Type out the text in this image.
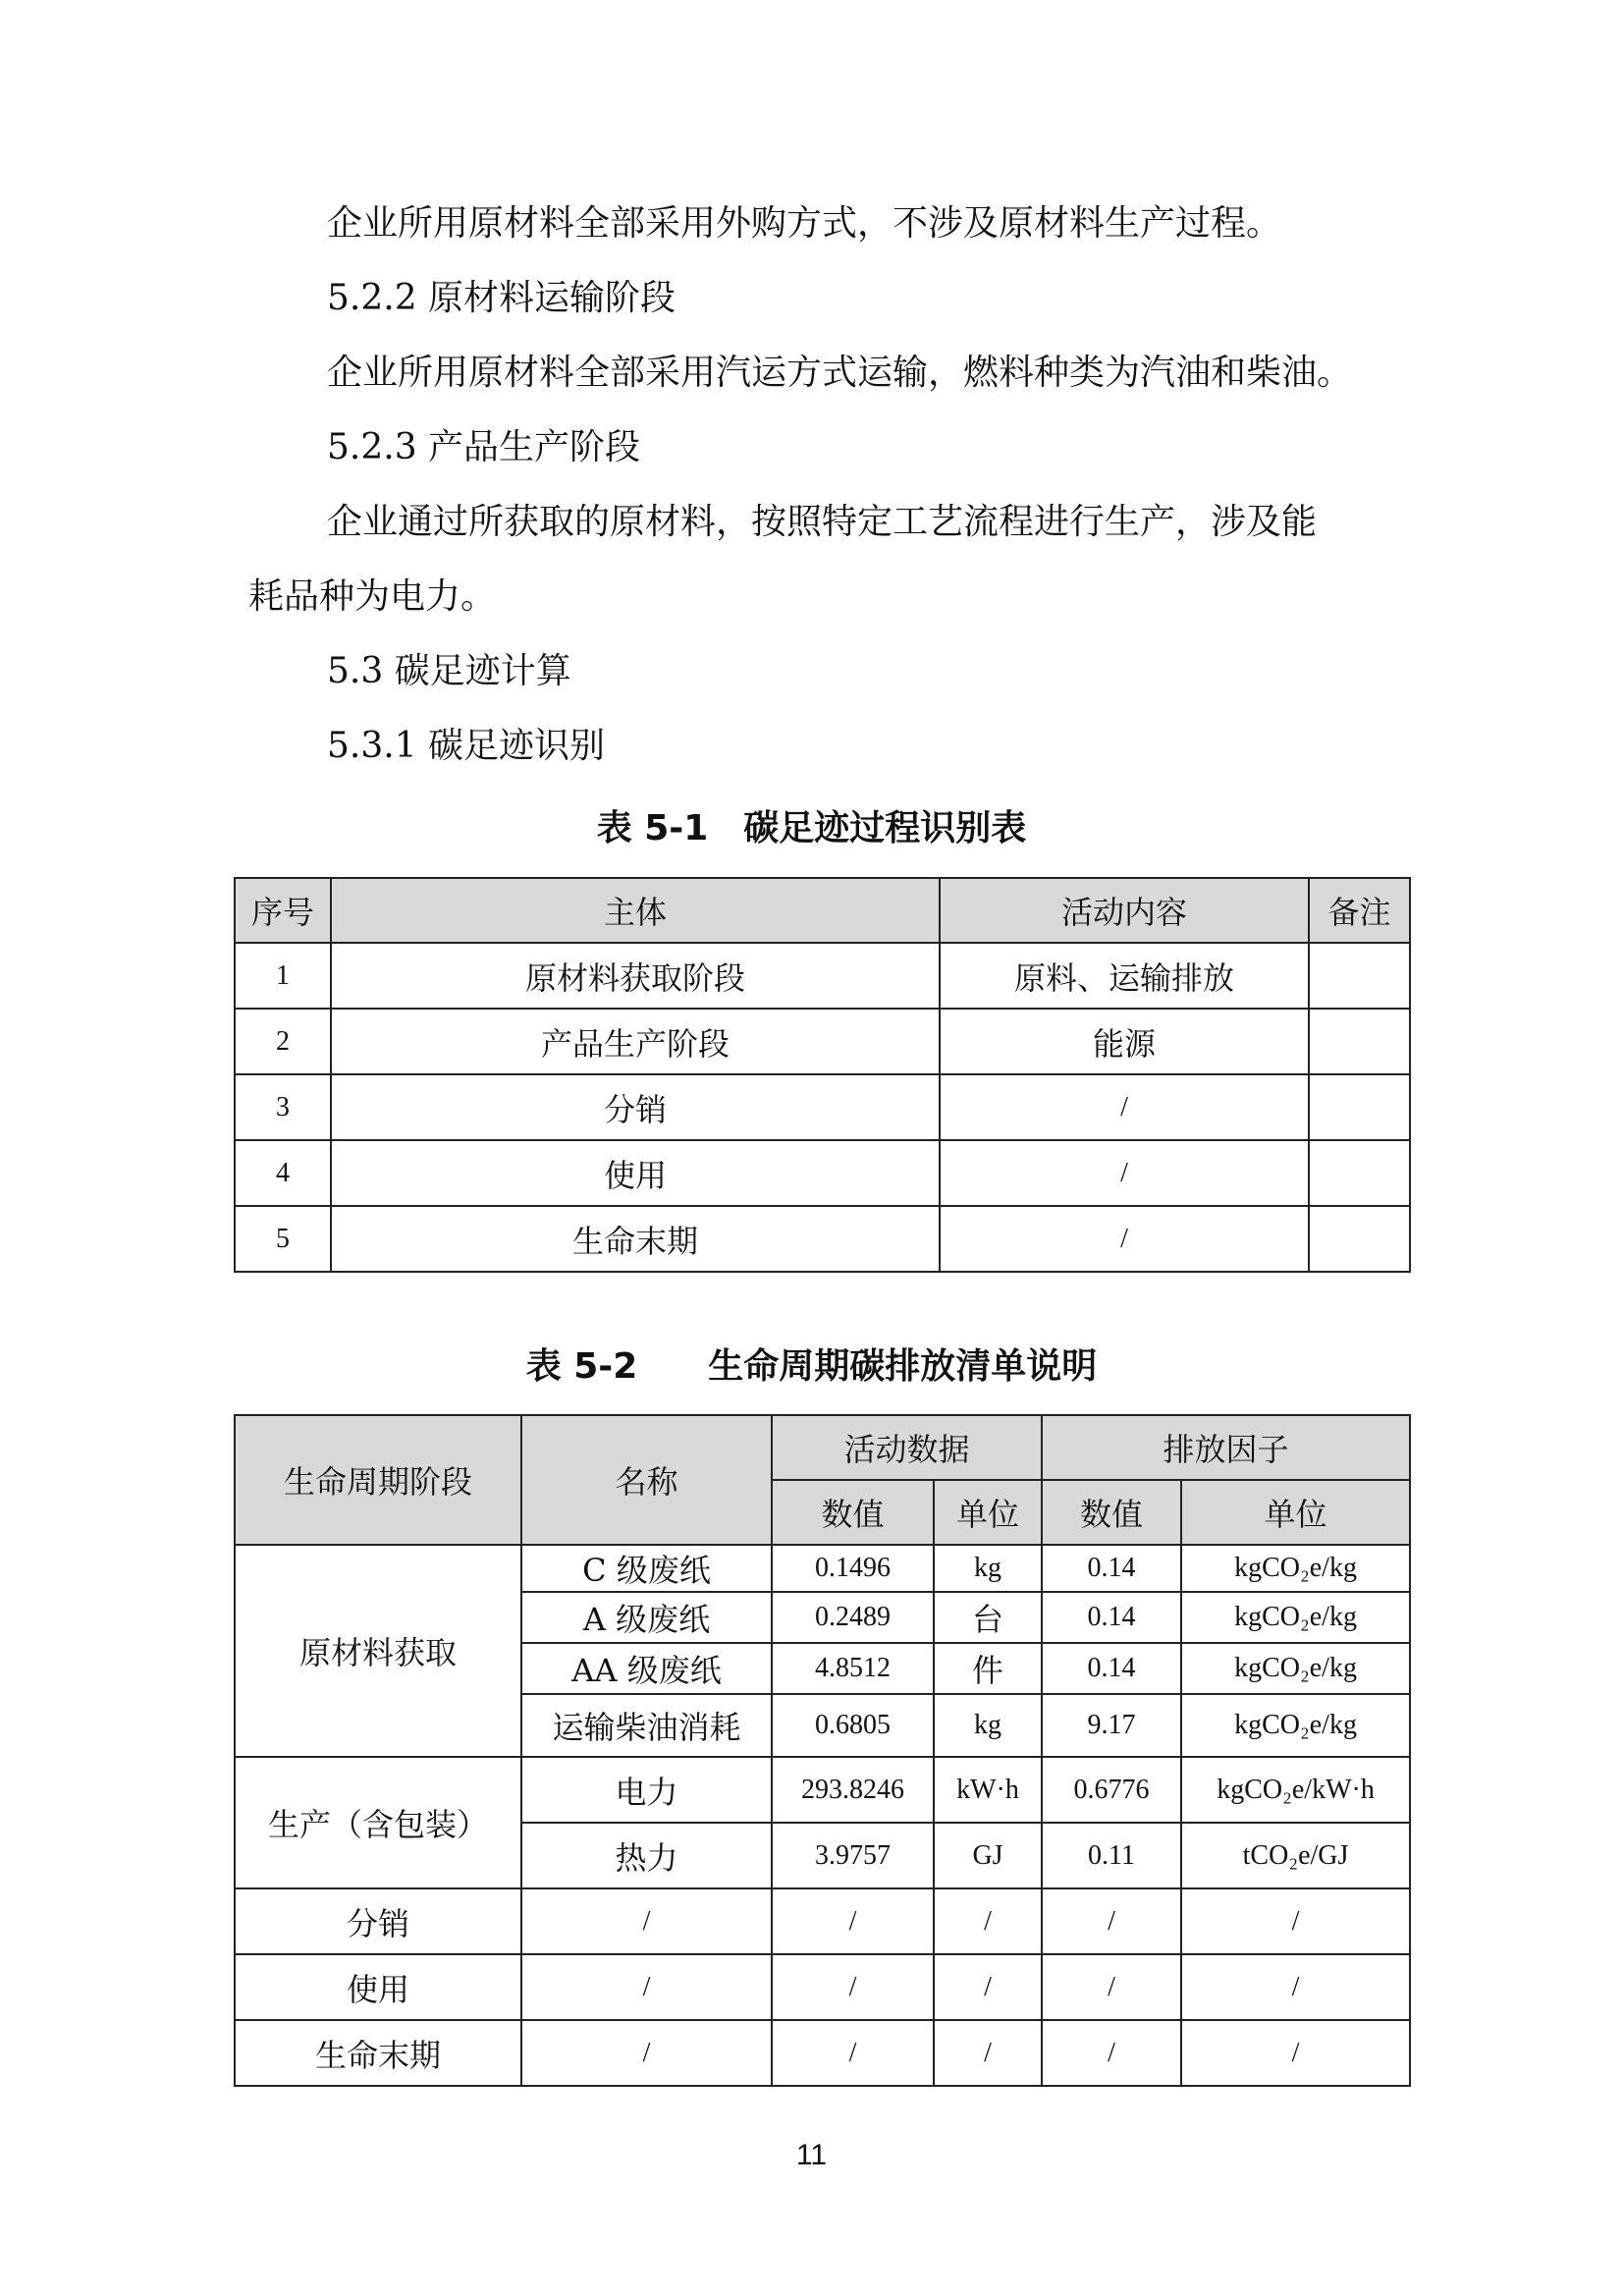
企业所用原材料全部采用外购方式，不涉及原材料生产过程。
5.2.2 原材料运输阶段
企业所用原材料全部采用汽运方式运输，燃料种类为汽油和柴油。
5.2.3 产品生产阶段
企业通过所获取的原材料，按照特定工艺流程进行生产，涉及能
耗品种为电力。
5.3 碳足迹计算
5.3.1 碳足迹识别
表 5-1　碳足迹过程识别表
序号	主体	活动内容	备注
1	原材料获取阶段	原料、运输排放	
2	产品生产阶段	能源	
3	分销	/	
4	使用	/	
5	生命末期	/	
表 5-2　　生命周期碳排放清单说明
生命周期阶段	名称	活动数据		排放因子	
		数值	单位	数值	单位
原材料获取	C 级废纸	0.1496	kg	0.14	kgCO₂e/kg
	A 级废纸	0.2489	台	0.14	kgCO₂e/kg
	AA 级废纸	4.8512	件	0.14	kgCO₂e/kg
	运输柴油消耗	0.6805	kg	9.17	kgCO₂e/kg
生产（含包装）	电力	293.8246	kW·h	0.6776	kgCO₂e/kW·h
	热力	3.9757	GJ	0.11	tCO₂e/GJ
分销	/	/	/	/	/
使用	/	/	/	/	/
生命末期	/	/	/	/	/
11
